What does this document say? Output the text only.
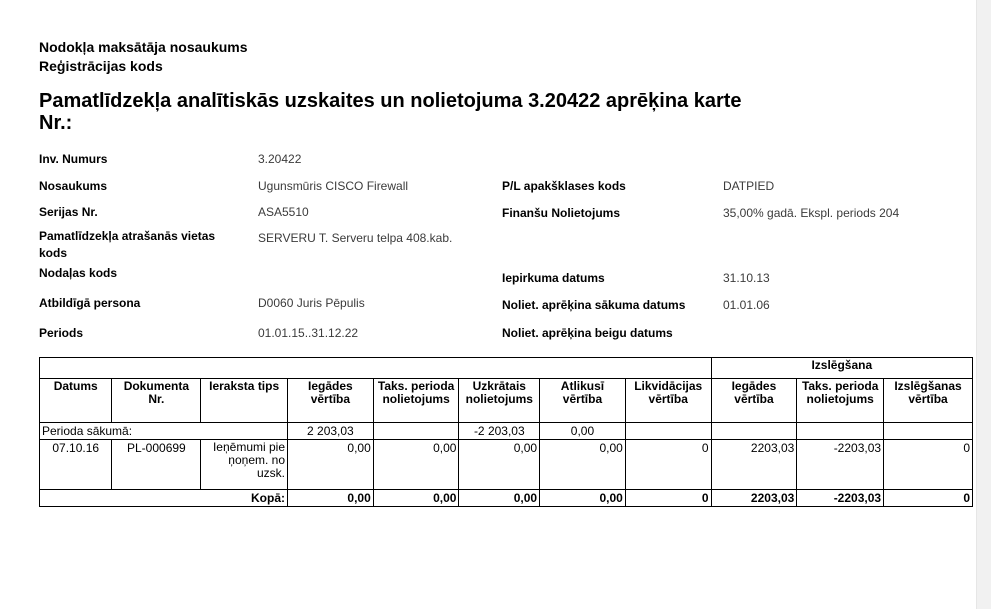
Nodokļa maksātāja nosaukums
Reģistrācijas kods
Pamatlīdzekļa analītiskās uzskaites un nolietojuma 3.20422 aprēķina karte Nr.:
Inv. Numurs	3.20422
Nosaukums	Ugunsmūris CISCO Firewall
Serijas Nr.	ASA5510
Pamatlīdzekļa atrašanās vietas kods
SERVERU T. Serveru telpa 408.kab.
Nodaļas kods
Atbildīgā persona	D0060 Juris Pēpulis
Periods	01.01.15..31.12.22
P/L apakšklases kods	DATPIED
Finanšu Nolietojums	35,00% gadā. Ekspl. periods 204
Iepirkuma datums	31.10.13
Noliet. aprēķina sākuma datums	01.01.06
Noliet. aprēķina beigu datums
								Izslēgšana		
Datums	Dokumenta Nr.	Ieraksta tips	Iegādes vērtība	Taks. perioda nolietojums	Uzkrātais nolietojums	Atlikusī vērtība	Likvidācijas vērtība	Iegādes vērtība	Taks. perioda nolietojums	Izslēgšanas vērtība
Perioda sākumā:			2 203,03		-2 203,03	0,00				
07.10.16	PL-000699	Ieņēmumi pie ņoņem. no uzsk.	0,00	0,00	0,00	0,00	0	2203,03	-2203,03	0
Kopā:			0,00	0,00	0,00	0,00	0	2203,03	-2203,03	0
